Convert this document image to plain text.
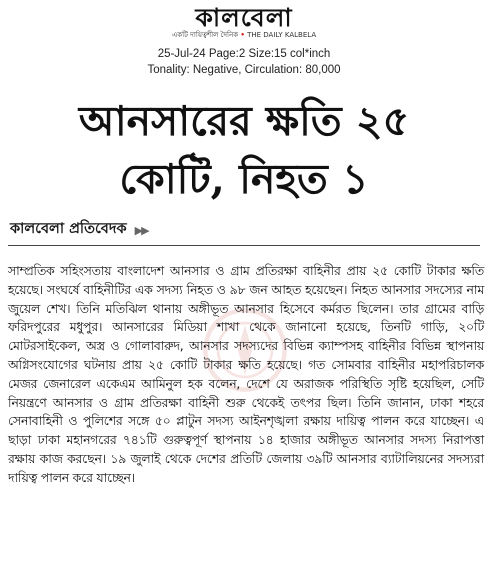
কালবেলা
একটি দায়িত্বশীল দৈনিক • THE DAILY KALBELA
25-Jul-24 Page:2 Size:15 col*inch
Tonality: Negative, Circulation: 80,000
আনসারের ক্ষতি ২৫
কোটি, নিহত ১
কালবেলা প্রতিবেদক ▶▶
সাম্প্রতিক সহিংসতায় বাংলাদেশ আনসার ও গ্রাম প্রতিরক্ষা বাহিনীর প্রায় ২৫ কোটি টাকার ক্ষতি হয়েছে। সংঘর্ষে বাহিনীটির এক সদস্য নিহত ও ৯৮ জন আহত হয়েছেন। নিহত আনসার সদস্যের নাম জুয়েল শেখ। তিনি মতিঝিল থানায় অঙ্গীভূত আনসার হিসেবে কর্মরত ছিলেন। তার গ্রামের বাড়ি ফরিদপুরের মধুপুর। আনসারের মিডিয়া শাখা থেকে জানানো হয়েছে, তিনটি গাড়ি, ২০টি মোটরসাইকেল, অস্ত্র ও গোলাবারুদ, আনসার সদস্যদের বিভিন্ন ক্যাম্পসহ বাহিনীর বিভিন্ন স্থাপনায় অগ্নিসংযোগের ঘটনায় প্রায় ২৫ কোটি টাকার ক্ষতি হয়েছে। গত সোমবার বাহিনীর মহাপরিচালক মেজর জেনারেল একেএম আমিনুল হক বলেন, দেশে যে অরাজক পরিস্থিতি সৃষ্টি হয়েছিল, সেটি নিয়ন্ত্রণে আনসার ও গ্রাম প্রতিরক্ষা বাহিনী শুরু থেকেই তৎপর ছিল। তিনি জানান, ঢাকা শহরে সেনাবাহিনী ও পুলিশের সঙ্গে ৫০ প্লাটুন সদস্য আইনশৃঙ্খলা রক্ষায় দায়িত্ব পালন করে যাচ্ছেন। এ ছাড়া ঢাকা মহানগরের ৭৪১টি গুরুত্বপূর্ণ স্থাপনায় ১৪ হাজার অঙ্গীভূত আনসার সদস্য নিরাপত্তা রক্ষায় কাজ করছেন। ১৯ জুলাই থেকে দেশের প্রতিটি জেলায় ৩৯টি আনসার ব্যাটালিয়নের সদস্যরা দায়িত্ব পালন করে যাচ্ছেন।
